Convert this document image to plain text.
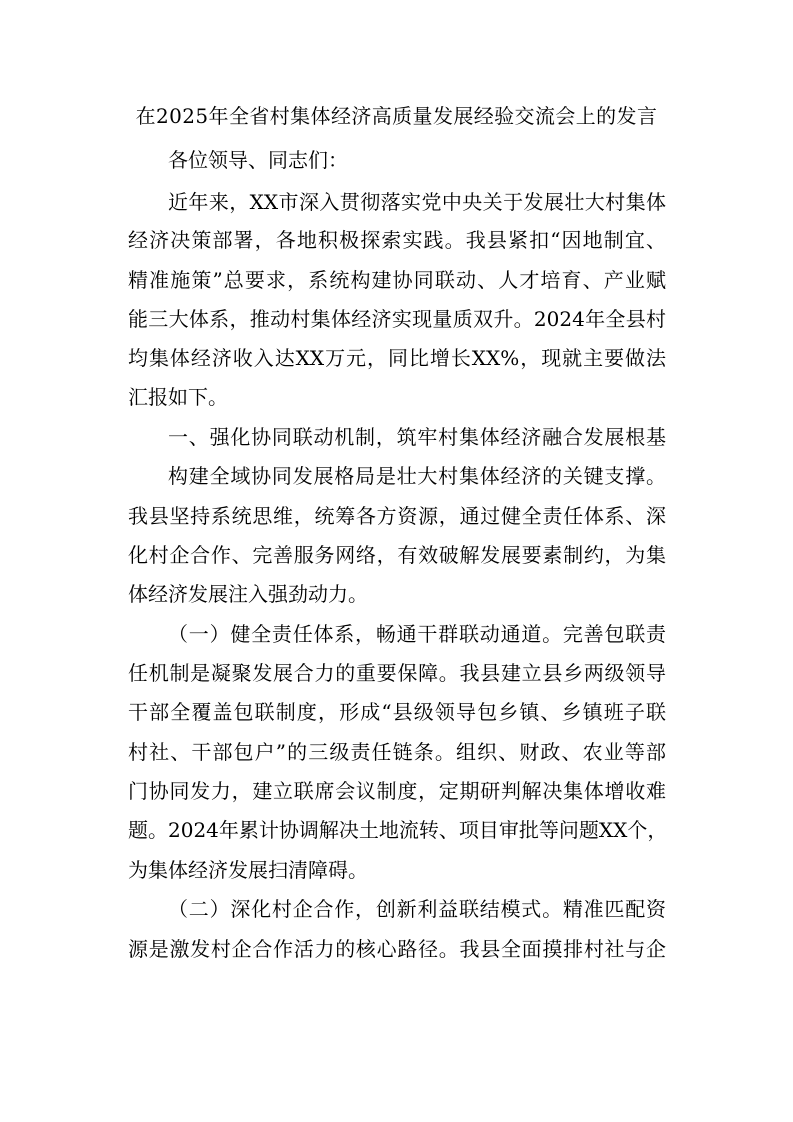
在2025年全省村集体经济高质量发展经验交流会上的发言
各位领导、同志们：
近年来，XX市深入贯彻落实党中央关于发展壮大村集体
经济决策部署，各地积极探索实践。我县紧扣“因地制宜、
精准施策”总要求，系统构建协同联动、人才培育、产业赋
能三大体系，推动村集体经济实现量质双升。2024年全县村
均集体经济收入达XX万元，同比增长XX%，现就主要做法
汇报如下。
一、强化协同联动机制，筑牢村集体经济融合发展根基
构建全域协同发展格局是壮大村集体经济的关键支撑。
我县坚持系统思维，统筹各方资源，通过健全责任体系、深
化村企合作、完善服务网络，有效破解发展要素制约，为集
体经济发展注入强劲动力。
（一）健全责任体系，畅通干群联动通道。完善包联责
任机制是凝聚发展合力的重要保障。我县建立县乡两级领导
干部全覆盖包联制度，形成“县级领导包乡镇、乡镇班子联
村社、干部包户”的三级责任链条。组织、财政、农业等部
门协同发力，建立联席会议制度，定期研判解决集体增收难
题。2024年累计协调解决土地流转、项目审批等问题XX个，
为集体经济发展扫清障碍。
（二）深化村企合作，创新利益联结模式。精准匹配资
源是激发村企合作活力的核心路径。我县全面摸排村社与企
